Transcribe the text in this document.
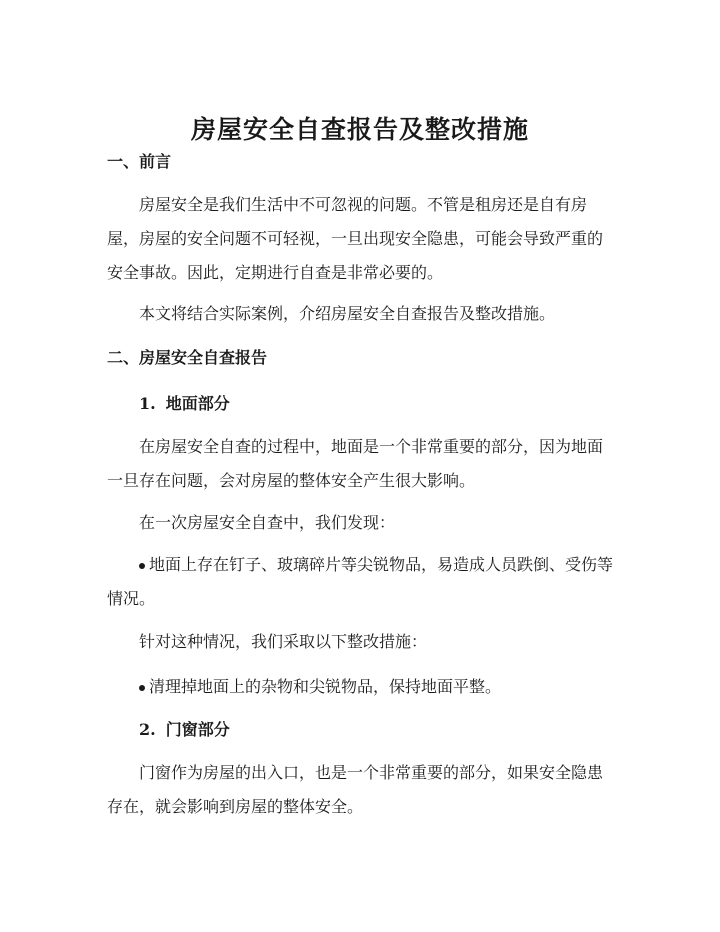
房屋安全自查报告及整改措施
一、前言

房屋安全是我们生活中不可忽视的问题。不管是租房还是自有房屋，房屋的安全问题不可轻视，一旦出现安全隐患，可能会导致严重的安全事故。因此，定期进行自查是非常必要的。

本文将结合实际案例，介绍房屋安全自查报告及整改措施。

二、房屋安全自查报告
1. 地面部分

在房屋安全自查的过程中，地面是一个非常重要的部分，因为地面一旦存在问题，会对房屋的整体安全产生很大影响。

在一次房屋安全自查中，我们发现：

地面上存在钉子、玻璃碎片等尖锐物品，易造成人员跌倒、受伤等情况。

针对这种情况，我们采取以下整改措施：

清理掉地面上的杂物和尖锐物品，保持地面平整。

2. 门窗部分

门窗作为房屋的出入口，也是一个非常重要的部分，如果安全隐患存在，就会影响到房屋的整体安全。
